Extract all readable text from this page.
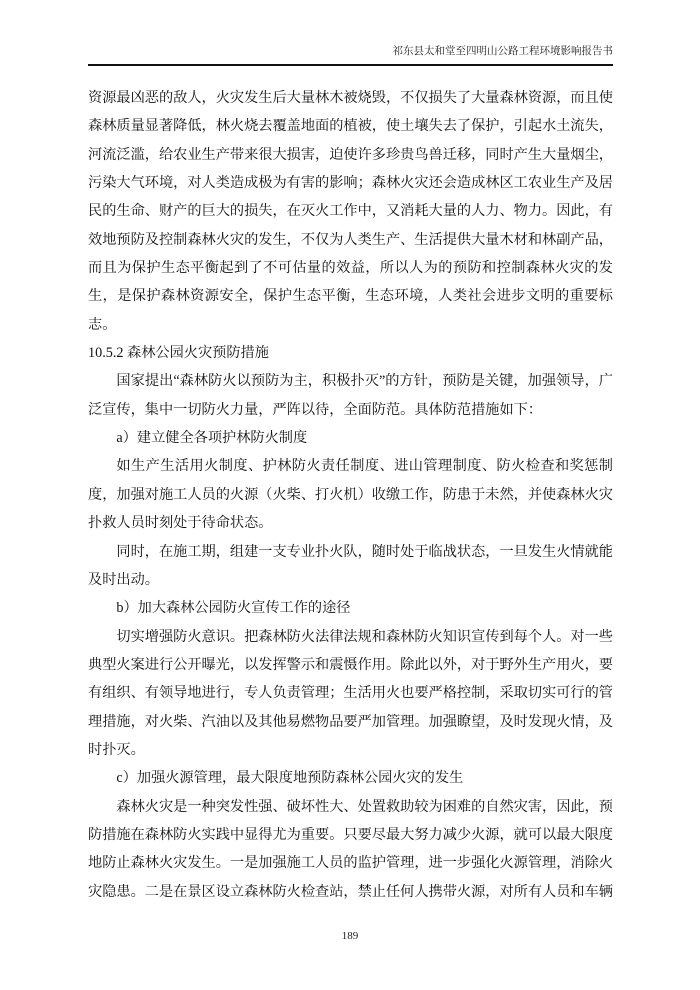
祁东县太和堂至四明山公路工程环境影响报告书

资源最凶恶的敌人，火灾发生后大量林木被烧毁，不仅损失了大量森林资源，而且使森林质量显著降低，林火烧去覆盖地面的植被，使土壤失去了保护，引起水土流失，河流泛滥，给农业生产带来很大损害，迫使许多珍贵鸟兽迁移，同时产生大量烟尘，污染大气环境，对人类造成极为有害的影响；森林火灾还会造成林区工农业生产及居民的生命、财产的巨大的损失，在灭火工作中，又消耗大量的人力、物力。因此，有效地预防及控制森林火灾的发生，不仅为人类生产、生活提供大量木材和林副产品，而且为保护生态平衡起到了不可估量的效益，所以人为的预防和控制森林火灾的发生，是保护森林资源安全，保护生态平衡，生态环境，人类社会进步文明的重要标志。

10.5.2 森林公园火灾预防措施

国家提出“森林防火以预防为主，积极扑灭”的方针，预防是关键，加强领导，广泛宣传，集中一切防火力量，严阵以待，全面防范。具体防范措施如下：

a）建立健全各项护林防火制度

如生产生活用火制度、护林防火责任制度、进山管理制度、防火检查和奖惩制度，加强对施工人员的火源（火柴、打火机）收缴工作，防患于未然，并使森林火灾扑救人员时刻处于待命状态。

同时，在施工期，组建一支专业扑火队，随时处于临战状态，一旦发生火情就能及时出动。

b）加大森林公园防火宣传工作的途径

切实增强防火意识。把森林防火法律法规和森林防火知识宣传到每个人。对一些典型火案进行公开曝光，以发挥警示和震慑作用。除此以外，对于野外生产用火，要有组织、有领导地进行，专人负责管理；生活用火也要严格控制，采取切实可行的管理措施，对火柴、汽油以及其他易燃物品要严加管理。加强瞭望，及时发现火情，及时扑灭。

c）加强火源管理，最大限度地预防森林公园火灾的发生

森林火灾是一种突发性强、破坏性大、处置救助较为困难的自然灾害，因此，预防措施在森林防火实践中显得尤为重要。只要尽最大努力减少火源，就可以最大限度地防止森林火灾发生。一是加强施工人员的监护管理，进一步强化火源管理，消除火灾隐患。二是在景区设立森林防火检查站，禁止任何人携带火源，对所有人员和车辆

189
